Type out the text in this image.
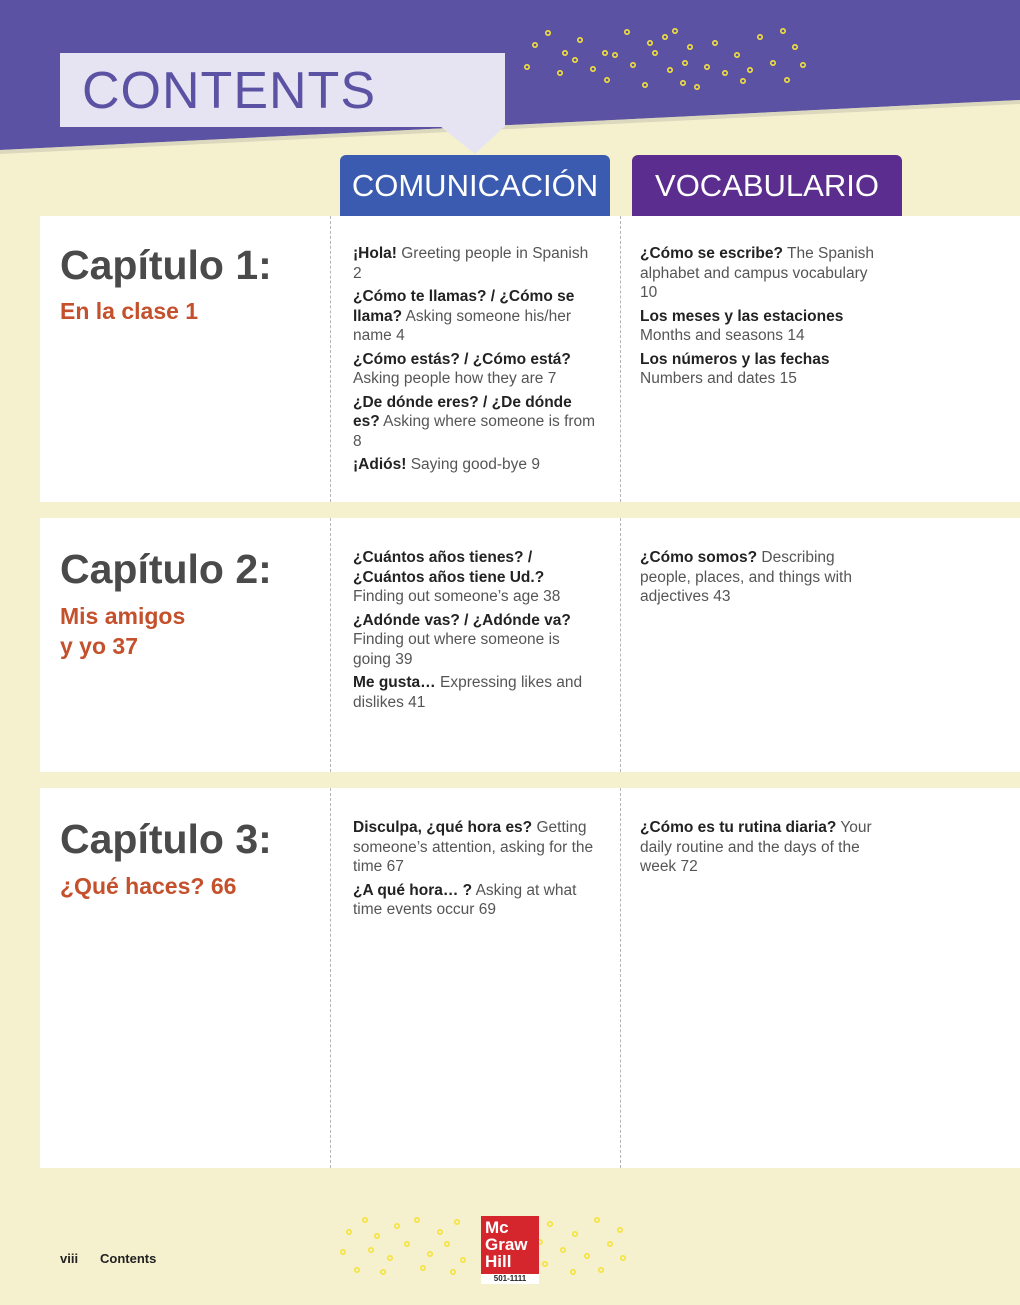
CONTENTS
COMUNICACIÓN	VOCABULARIO

Capítulo 1:

En la clase 1

¡Hola! Greeting people in Spanish 2

¿Cómo te llamas? / ¿Cómo se llama? Asking someone his/her name 4

¿Cómo estás? / ¿Cómo está? Asking people how they are 7

¿De dónde eres? / ¿De dónde es? Asking where someone is from 8

¡Adiós! Saying good-bye 9

¿Cómo se escribe? The Spanish alphabet and campus vocabulary 10

Los meses y las estaciones Months and seasons 14

Los números y las fechas Numbers and dates 15

Capítulo 2:

Mis amigos
y yo 37

¿Cuántos años tienes? / ¿Cuántos años tiene Ud.? Finding out someone’s age 38

¿Adónde vas? / ¿Adónde va? Finding out where someone is going 39

Me gusta… Expressing likes and dislikes 41

¿Cómo somos? Describing people, places, and things with adjectives 43

Capítulo 3:

¿Qué haces? 66

Disculpa, ¿qué hora es? Getting someone’s attention, asking for the time 67

¿A qué hora… ? Asking at what time events occur 69

¿Cómo es tu rutina diaria? Your daily routine and the days of the week 72

viii Contents
Mc
Graw
Hill
501-1111
